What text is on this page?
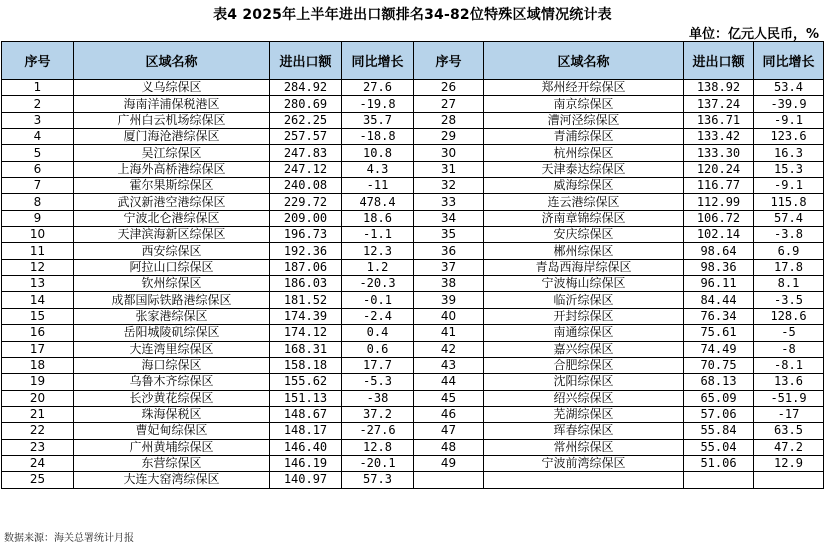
表4 2025年上半年进出口额排名34-82位特殊区域情况统计表
单位：亿元人民币，%
序号	区域名称	进出口额	同比增长	序号	区域名称	进出口额	同比增长
1	义乌综保区	284.92	27.6	26	郑州经开综保区	138.92	53.4
2	海南洋浦保税港区	280.69	-19.8	27	南京综保区	137.24	-39.9
3	广州白云机场综保区	262.25	35.7	28	漕河泾综保区	136.71	-9.1
4	厦门海沧港综保区	257.57	-18.8	29	青浦综保区	133.42	123.6
5	吴江综保区	247.83	10.8	30	杭州综保区	133.30	16.3
6	上海外高桥港综保区	247.12	4.3	31	天津泰达综保区	120.24	15.3
7	霍尔果斯综保区	240.08	-11	32	威海综保区	116.77	-9.1
8	武汉新港空港综保区	229.72	478.4	33	连云港综保区	112.99	115.8
9	宁波北仑港综保区	209.00	18.6	34	济南章锦综保区	106.72	57.4
10	天津滨海新区综保区	196.73	-1.1	35	安庆综保区	102.14	-3.8
11	西安综保区	192.36	12.3	36	郴州综保区	98.64	6.9
12	阿拉山口综保区	187.06	1.2	37	青岛西海岸综保区	98.36	17.8
13	钦州综保区	186.03	-20.3	38	宁波梅山综保区	96.11	8.1
14	成都国际铁路港综保区	181.52	-0.1	39	临沂综保区	84.44	-3.5
15	张家港综保区	174.39	-2.4	40	开封综保区	76.34	128.6
16	岳阳城陵矶综保区	174.12	0.4	41	南通综保区	75.61	-5
17	大连湾里综保区	168.31	0.6	42	嘉兴综保区	74.49	-8
18	海口综保区	158.18	17.7	43	合肥综保区	70.75	-8.1
19	乌鲁木齐综保区	155.62	-5.3	44	沈阳综保区	68.13	13.6
20	长沙黄花综保区	151.13	-38	45	绍兴综保区	65.09	-51.9
21	珠海保税区	148.67	37.2	46	芜湖综保区	57.06	-17
22	曹妃甸综保区	148.17	-27.6	47	珲春综保区	55.84	63.5
23	广州黄埔综保区	146.40	12.8	48	常州综保区	55.04	47.2
24	东营综保区	146.19	-20.1	49	宁波前湾综保区	51.06	12.9
25	大连大窑湾综保区	140.97	57.3				
数据来源：海关总署统计月报
